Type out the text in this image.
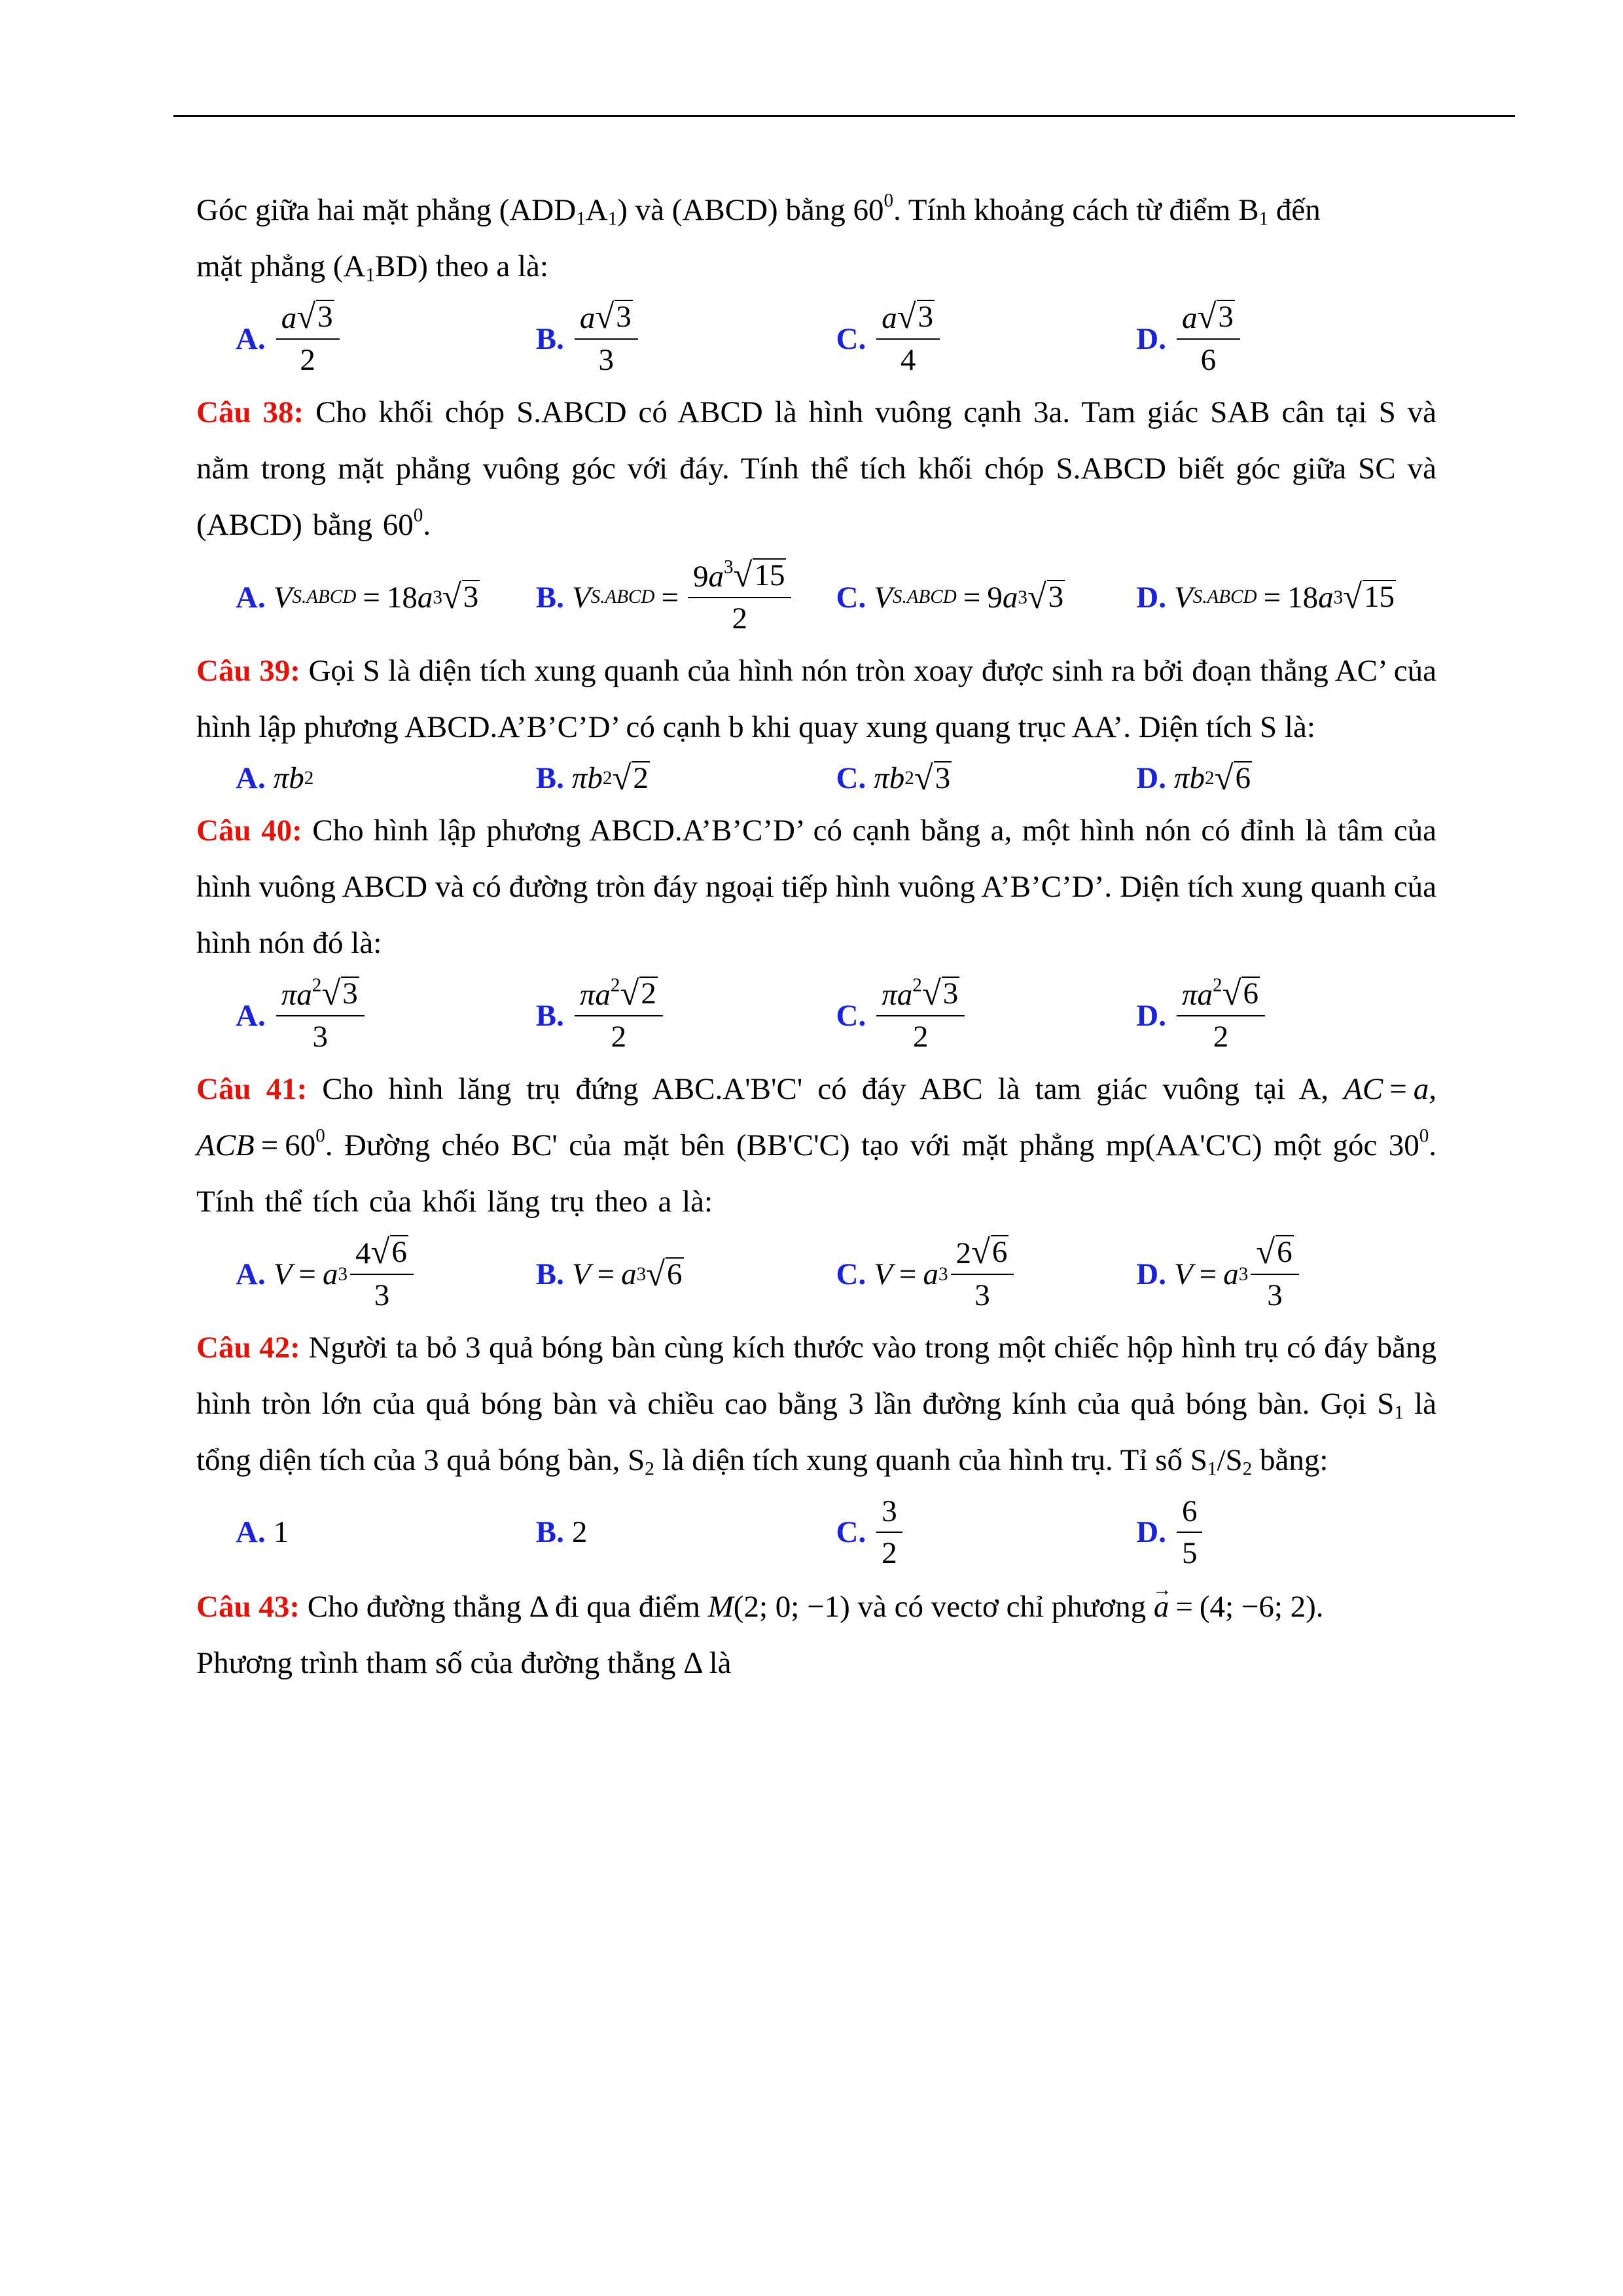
Góc giữa hai mặt phẳng $(ADD_1A_1)$ và (ABCD) bằng $60^0$. Tính khoảng cách từ điểm $B_1$ đến

mặt phẳng $(A_1BD)$ theo a là:

A. $\frac{a √ 3}{2}$	B. $\frac{a √ 3}{3}$	C. $\frac{a √ 3}{4}$	D. $\frac{a √ 3}{6}$

Câu 38: Cho khối chóp S.ABCD có ABCD là hình vuông cạnh 3a. Tam giác SAB cân tại S và nằm trong mặt phẳng vuông góc với đáy. Tính thể tích khối chóp S.ABCD biết góc giữa SC và (ABCD) bằng $60^0$.

A. V S.ABCD = 18 a 3 √ 3 B. V S.ABCD = $\frac{9a^3 √ 15}{2} C$. V S.ABCD = 9 a 3 √ 3 D. V S.ABCD = 18 a 3 √ 15

Câu 39: Gọi S là diện tích xung quanh của hình nón tròn xoay được sinh ra bởi đoạn thẳng AC’ của hình lập phương ABCD.A’B’C’D’ có cạnh b khi quay xung quang trục AA’. Diện tích S là:

A. πb 2	B. πb 2 √ 2	C. πb 2 √ 3	D. πb 2 √ 6

Câu 40: Cho hình lập phương ABCD.A’B’C’D’ có cạnh bằng a, một hình nón có đỉnh là tâm của hình vuông ABCD và có đường tròn đáy ngoại tiếp hình vuông A’B’C’D’. Diện tích xung quanh của hình nón đó là:

A. $\frac{\pi a^2 √ 3}{3}$	B. $\frac{\pi a^2 √ 2}{2}$	C. $\frac{\pi a^2 √ 3}{2}$	D. $\frac{\pi a^2 √ 6}{2}$

Câu 41: Cho hình lăng trụ đứng ABC.A'B'C' có đáy ABC là tam giác vuông tại A, AC = a, ACB = $60^0$. Đường chéo BC' của mặt bên (BB'C'C) tạo với mặt phẳng mp(AA'C'C) một góc $30^0$. Tính thể tích của khối lăng trụ theo a là:

A. V = a $3 \frac{4 √ 6}{3}$	B. V = a 3 √ 6	C. V = a $3 \frac{2 √ 6}{3}$	D. V = a $3 \frac{√ 6}{3}$

Câu 42: Người ta bỏ 3 quả bóng bàn cùng kích thước vào trong một chiếc hộp hình trụ có đáy bằng hình tròn lớn của quả bóng bàn và chiều cao bằng 3 lần đường kính của quả bóng bàn. Gọi $S_1$ là tổng diện tích của 3 quả bóng bàn, $S_2$ là diện tích xung quanh của hình trụ. Tỉ số $S_1/S_2$ bằng:

A. 1	B. 2	C. $\frac{3}{2}$	D. $\frac{6}{5}$

Câu 43: Cho đường thẳng Δ đi qua điểm M(2; 0; −1) và có vectơ chỉ phương → a = (4; −6; 2).
Phương trình tham số của đường thẳng Δ là
